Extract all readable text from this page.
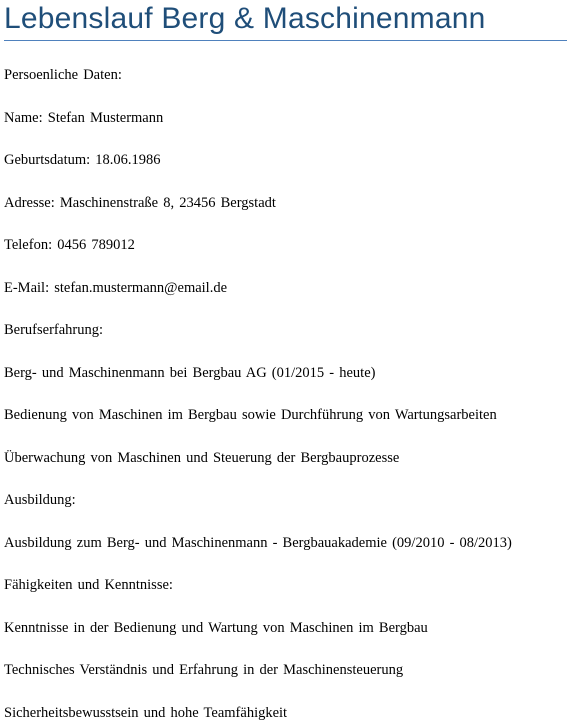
Lebenslauf Berg & Maschinenmann

Persoenliche Daten:

Name: Stefan Mustermann

Geburtsdatum: 18.06.1986

Adresse: Maschinenstraße 8, 23456 Bergstadt

Telefon: 0456 789012

E-Mail: stefan.mustermann@email.de

Berufserfahrung:

Berg- und Maschinenmann bei Bergbau AG (01/2015 - heute)

Bedienung von Maschinen im Bergbau sowie Durchführung von Wartungsarbeiten

Überwachung von Maschinen und Steuerung der Bergbauprozesse

Ausbildung:

Ausbildung zum Berg- und Maschinenmann - Bergbauakademie (09/2010 - 08/2013)

Fähigkeiten und Kenntnisse:

Kenntnisse in der Bedienung und Wartung von Maschinen im Bergbau

Technisches Verständnis und Erfahrung in der Maschinensteuerung

Sicherheitsbewusstsein und hohe Teamfähigkeit
